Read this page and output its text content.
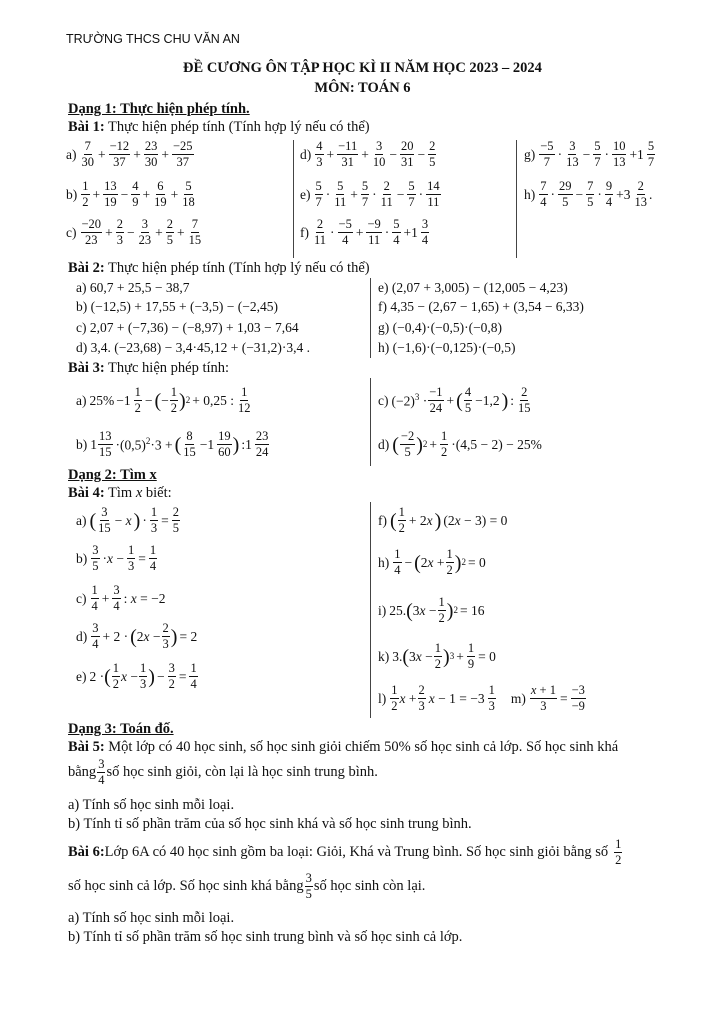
TRƯỜNG THCS CHU VĂN AN
ĐỀ CƯƠNG ÔN TẬP HỌC KÌ II NĂM HỌC 2023 – 2024
MÔN: TOÁN 6
Dạng 1: Thực hiện phép tính.
Bài 1: Thực hiện phép tính (Tính hợp lý nếu có thể)
$a) \frac{7}{30} + \frac{-12}{37} + \frac{23}{30} + \frac{-25}{37}$
$b) \frac{1}{2} + \frac{13}{19} - \frac{4}{9} + \frac{6}{19} + \frac{5}{18}$
$c) \frac{-20}{23} + \frac{2}{3} - \frac{3}{23} + \frac{2}{5} + \frac{7}{15}$
$d) \frac{4}{3} + \frac{-11}{31} + \frac{3}{10} - \frac{20}{31} - \frac{2}{5}$
$e) \frac{5}{7} \cdot \frac{5}{11} + \frac{5}{7} \cdot \frac{2}{11} - \frac{5}{7} \cdot \frac{14}{11}$
$f) \frac{2}{11} \cdot \frac{-5}{4} + \frac{-9}{11} \cdot \frac{5}{4} +1 \frac{3}{4}$
$g) \frac{-5}{7} \cdot \frac{3}{13} - \frac{5}{7} \cdot \frac{10}{13} +1 \frac{5}{7}$
$h) \frac{7}{4} \cdot \frac{29}{5} - \frac{7}{5} \cdot \frac{9}{4} +3 \frac{2}{13}$ .
Bài 2: Thực hiện phép tính (Tính hợp lý nếu có thể)
a) 60,7 + 25,5 − 38,7
b) (−12,5) + 17,55 + (−3,5) − (−2,45)
c) 2,07 + (−7,36) − (−8,97) + 1,03 − 7,64
d) 3,4. (−23,68) − 3,4·45,12 + (−31,2)·3,4 .
e) (2,07 + 3,005) − (12,005 − 4,23)
f) 4,35 − (2,67 − 1,65) + (3,54 − 6,33)
g) (−0,4)·(−0,5)·(−0,8)
h) (−1,6)·(−0,125)·(−0,5)
Bài 3: Thực hiện phép tính:
a) $25\% -1 \frac{1}{2}$ − ( − $\frac{1}{2}$ ) 2 + 0,25 : $\frac{1}{12}$
b) $1 \frac{13}{15} \cdot(0,5)^2\cdot 3$ + ( $\frac{8}{15} -1 \frac{19}{60}$ ) :1 $\frac{23}{24}$
c) $(-2)^3 \cdot \frac{-1}{24}$ + ( $\frac{4}{5} -1,2$ ) : $\frac{2}{15}$
d) ( $\frac{-2}{5}$ ) $2 + \frac{1}{2} \cdot(4,5 - 2) - 25\%$
Dạng 2: Tìm x
Bài 4: Tìm x biết:
a) ( $\frac{3}{15} - x$ ) · $\frac{1}{3} = \frac{2}{5}$
$b) \frac{3}{5} \cdot x - \frac{1}{3} = \frac{1}{4}$
$c) \frac{1}{4} + \frac{3}{4}$ : x = −2
$d) \frac{3}{4} + 2$ · ( $2x - \frac{2}{3}$ ) = 2
e) 2 · ( $\frac{1}{2}$ $x - \frac{1}{3}$ ) − $\frac{3}{2} = \frac{1}{4}$
f) ( $\frac{1}{2} + 2x$ ) (2x − 3) = 0
$h) \frac{1}{4}$ − ( $2x + \frac{1}{2}$ ) 2 = 0
i) 25. ( $3x - \frac{1}{2}$ ) 2 = 16
k) 3. ( $3x - \frac{1}{2}$ ) $3 + \frac{1}{9} = 0$
$l) \frac{1}{2}$ $x + \frac{2}{3}$ $x - 1 = -3 \frac{1}{3} m) \frac{x + 1}{3} = \frac{-3}{-9}$
Dạng 3: Toán đố.
Bài 5: Một lớp có 40 học sinh, số học sinh giỏi chiếm 50% số học sinh cả lớp. Số học sinh khá
bằng $\frac{3}{4}$ số học sinh giỏi, còn lại là học sinh trung bình.
a) Tính số học sinh mỗi loại.
b) Tính tỉ số phần trăm của số học sinh khá và số học sinh trung bình.
Bài 6: Lớp 6A có 40 học sinh gồm ba loại: Giỏi, Khá và Trung bình. Số học sinh giỏi bằng số $\frac{1}{2}$
số học sinh cả lớp. Số học sinh khá bằng $\frac{3}{5}$ số học sinh còn lại.
a) Tính số học sinh mỗi loại.
b) Tính tỉ số phần trăm số học sinh trung bình và số học sinh cả lớp.
